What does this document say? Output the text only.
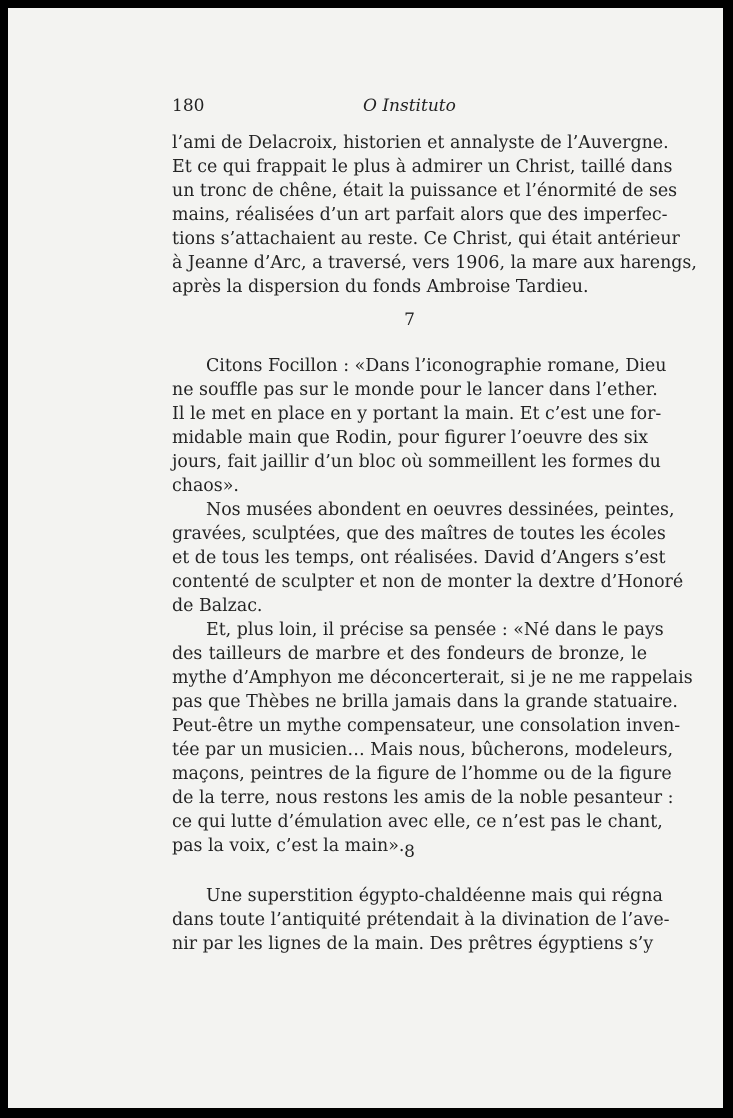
180	O Instituto
l’ami de Delacroix, historien et annalyste de l’Auvergne.
Et ce qui frappait le plus à admirer un Christ, taillé dans
un tronc de chêne, était la puissance et l’énormité de ses
mains, réalisées d’un art parfait alors que des imperfec-
tions s’attachaient au reste. Ce Christ, qui était antérieur
à Jeanne d’Arc, a traversé, vers 1906, la mare aux harengs,
après la dispersion du fonds Ambroise Tardieu.
7
Citons Focillon : «Dans l’iconographie romane, Dieu
ne souffle pas sur le monde pour le lancer dans l’ether.
Il le met en place en y portant la main. Et c’est une for-
midable main que Rodin, pour figurer l’oeuvre des six
jours, fait jaillir d’un bloc où sommeillent les formes du
chaos».
Nos musées abondent en oeuvres dessinées, peintes,
gravées, sculptées, que des maîtres de toutes les écoles
et de tous les temps, ont réalisées. David d’Angers s’est
contenté de sculpter et non de monter la dextre d’Honoré
de Balzac.
Et, plus loin, il précise sa pensée : «Né dans le pays
des tailleurs de marbre et des fondeurs de bronze, le
mythe d’Amphyon me déconcerterait, si je ne me rappelais
pas que Thèbes ne brilla jamais dans la grande statuaire.
Peut-être un mythe compensateur, une consolation inven-
tée par un musicien… Mais nous, bûcherons, modeleurs,
maçons, peintres de la figure de l’homme ou de la figure
de la terre, nous restons les amis de la noble pesanteur :
ce qui lutte d’émulation avec elle, ce n’est pas le chant,
pas la voix, c’est la main». 8
Une superstition égypto-chaldéenne mais qui régna
dans toute l’antiquité prétendait à la divination de l’ave-
nir par les lignes de la main. Des prêtres égyptiens s’y
